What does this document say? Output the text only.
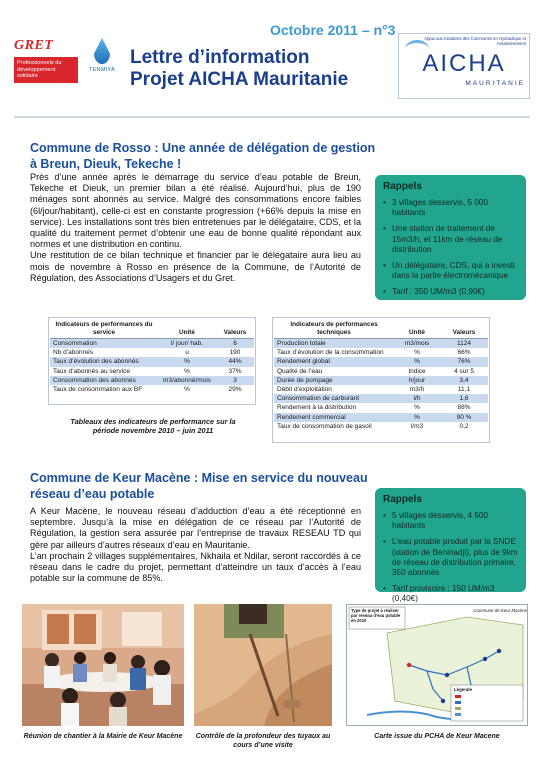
GRET
Professionnels du développement solidaire
TENMIYA
Octobre 2011 – n°3
Lettre d’information
Projet AICHA Mauritanie
Appui aux Initiatives des Communes en Hydraulique et Assainissement
AICHA
MAURITANIE
Commune de Rosso : Une année de délégation de gestion à Breun, Dieuk, Tekeche !

Près d’une année après le démarrage du service d’eau potable de Breun, Tekeche et Dieuk, un premier bilan a été réalisé. Aujourd’hui, plus de 190 ménages sont abonnés au service. Malgré des consommations encore faibles (6l/jour/habitant), celle-ci est en constante progression (+66% depuis la mise en service). Les installations sont très bien entretenues par le délégataire, CDS, et la qualité du traitement permet d’obtenir une eau de bonne qualité répondant aux normes et une distribution en continu.

Une restitution de ce bilan technique et financier par le délégataire aura lieu au mois de novembre à Rosso en présence de la Commune, de l’Autorité de Régulation, des Associations d’Usagers et du Gret.

Rappels
• 3 villages desservis, 5 000 habitants
• Une station de traitement de 15m3/h, et 11km de réseau de distribution
• Un délégataire, CDS, qui a investi dans la partie électromécanique
• Tarif : 350 UM/m3 (0,90€)
Indicateurs de performances du service	Unité	Valeurs
Consommation	l/ jour/ hab.	6
Nb d’abonnés	u	190
Taux d’évolution des abonnés	%	44%
Taux d’abonnés au service	%	37%
Consommation des abonnés	m3/abonné/mois	3
Taux de consommation aux BF	%	29%
Indicateurs de performances techniques	Unité	Valeurs
Production totale	m3/mois	1124
Taux d’évolution de la consommation	%	66%
Rendement global	%	76%
Qualité de l’eau	Indice	4 sur 5
Durée de pompage	h/jour	3,4
Débit d’exploitation	m3/h	11,1
Consommation de carburant	l/h	1,6
Rendement à la distribution	%	88%
Rendement commercial	%	90 %
Taux de consommation de gasoil	l/m3	0,2
Tableaux des indicateurs de performance sur la période novembre 2010 – juin 2011
Commune de Keur Macène : Mise en service du nouveau réseau d’eau potable

A Keur Macène, le nouveau réseau d’adduction d’eau a été réceptionné en septembre. Jusqu’à la mise en délégation de ce réseau par l’Autorité de Régulation, la gestion sera assurée par l’entreprise de travaux RESEAU TD qui gère par ailleurs d’autres réseaux d’eau en Mauritanie.

L’an prochain 2 villages supplémentaires, Nkhaila et Ndilar, seront raccordés à ce réseau dans le cadre du projet, permettant d’atteindre un taux d’accès à l’eau potable sur la commune de 85%.

Rappels
• 5 villages desservis, 4 500 habitants
• L’eau potable produit par la SNDE (station de Beninadji), plus de 9km de réseau de distribution primaire, 350 abonnés
• Tarif provisoire : 150 UM/m3 (0,40€)
Réunion de chantier à la Mairie de Keur Macène Contrôle de la profondeur des tuyaux au cours d’une visite
Type de projet à réaliser par réseau d’eau potable en 2010
Commune de Keur Macène
Légende
Carte issue du PCHA de Keur Macene
